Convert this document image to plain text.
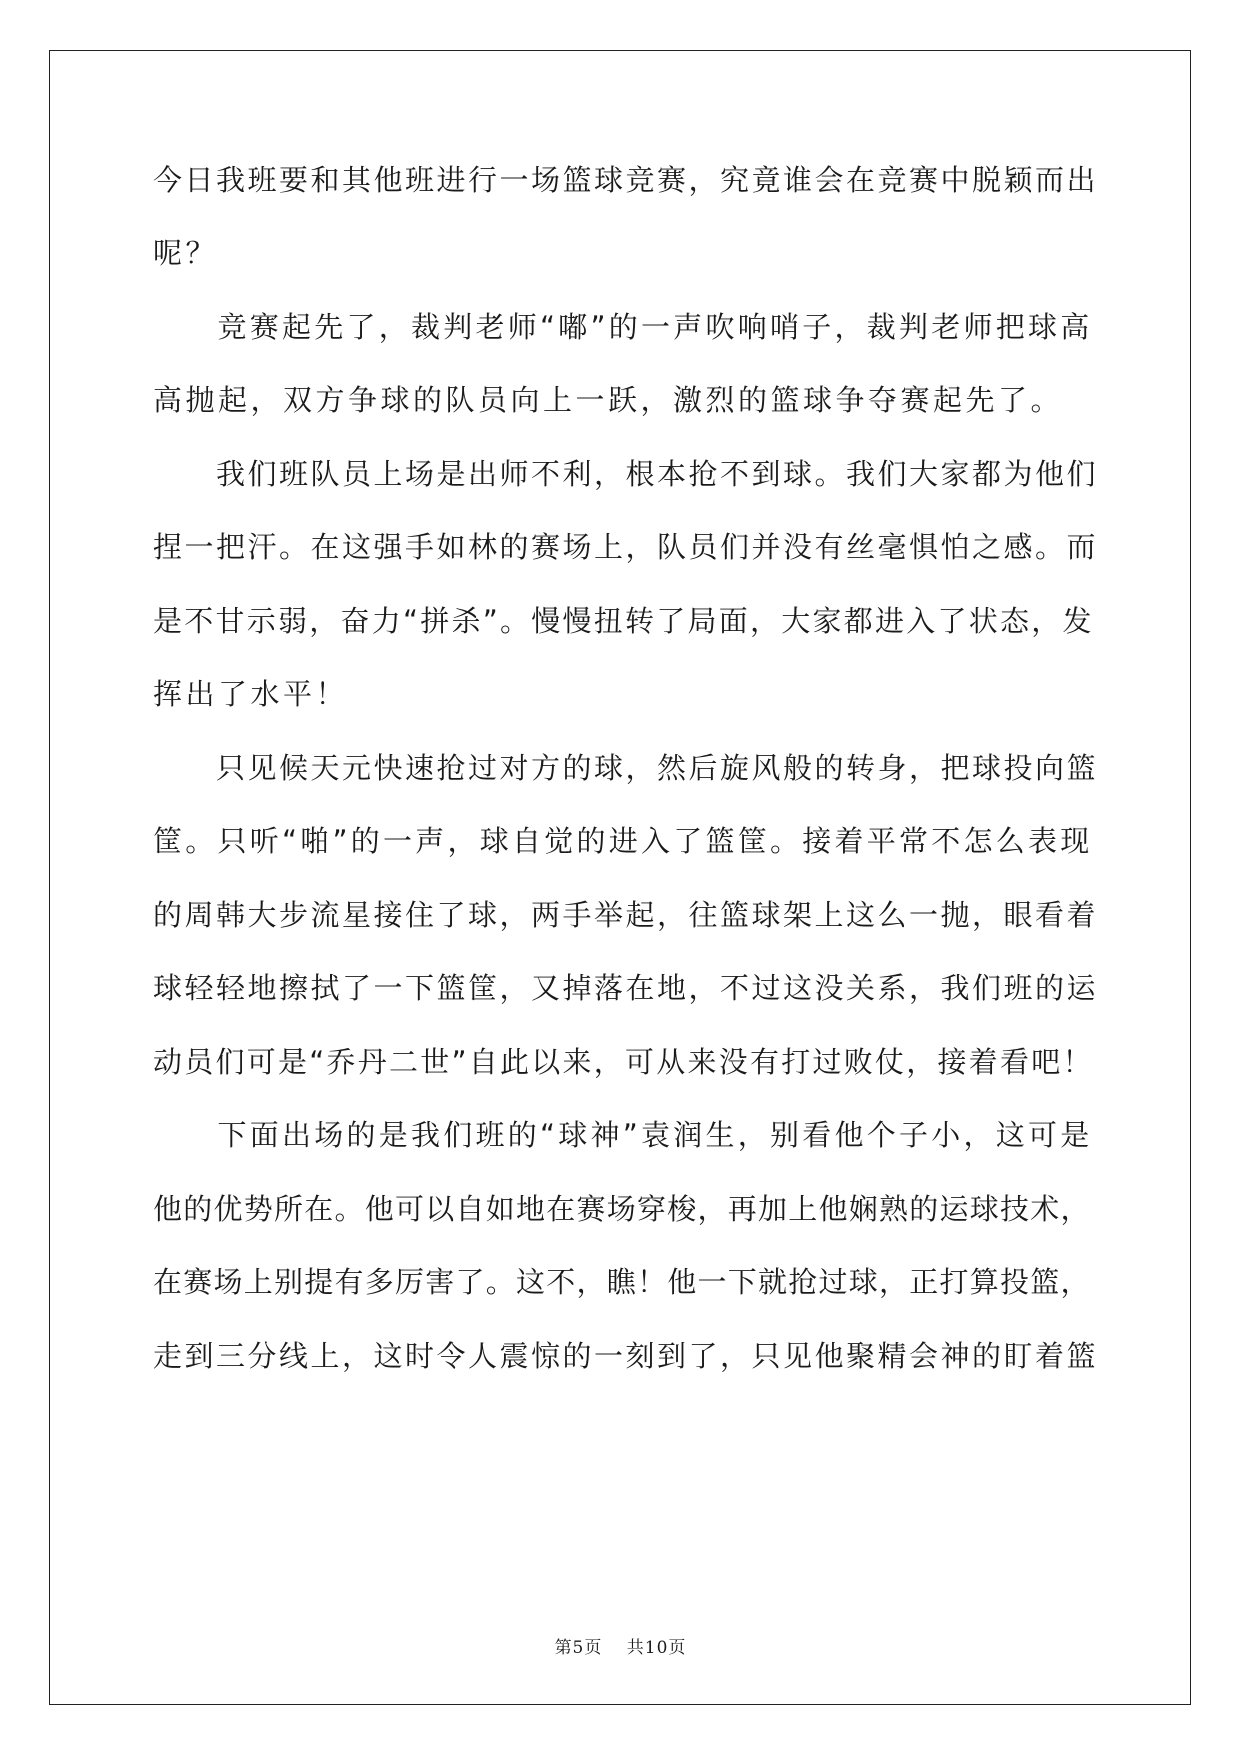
今日我班要和其他班进行一场篮球竞赛，究竟谁会在竞赛中脱颖而出
呢？
　　竞赛起先了，裁判老师“嘟”的一声吹响哨子，裁判老师把球高
高抛起，双方争球的队员向上一跃，激烈的篮球争夺赛起先了。
　　我们班队员上场是出师不利，根本抢不到球。我们大家都为他们
捏一把汗。在这强手如林的赛场上，队员们并没有丝毫惧怕之感。而
是不甘示弱，奋力“拼杀”。慢慢扭转了局面，大家都进入了状态，发
挥出了水平！
　　只见候天元快速抢过对方的球，然后旋风般的转身，把球投向篮
筐。只听“啪”的一声，球自觉的进入了篮筐。接着平常不怎么表现
的周韩大步流星接住了球，两手举起，往篮球架上这么一抛，眼看着
球轻轻地擦拭了一下篮筐，又掉落在地，不过这没关系，我们班的运
动员们可是“乔丹二世”自此以来，可从来没有打过败仗，接着看吧！
　　下面出场的是我们班的“球神”袁润生，别看他个子小，这可是
他的优势所在。他可以自如地在赛场穿梭，再加上他娴熟的运球技术，
在赛场上别提有多厉害了。这不，瞧！他一下就抢过球，正打算投篮，
走到三分线上，这时令人震惊的一刻到了，只见他聚精会神的盯着篮
第5页　 共10页
